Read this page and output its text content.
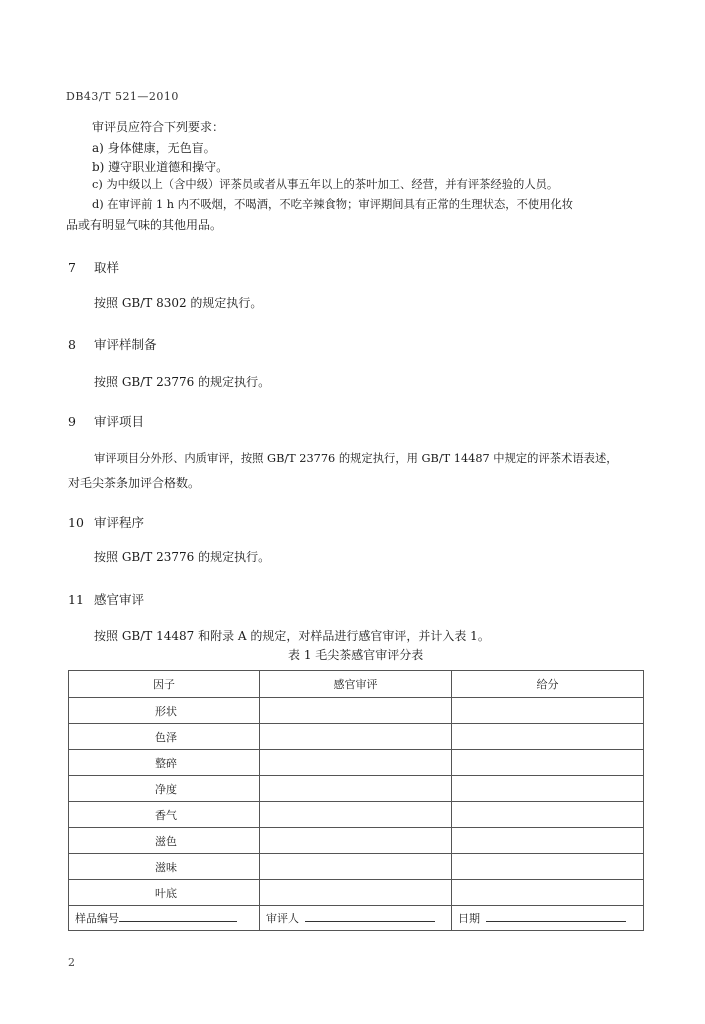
DB43/T 521—2010
审评员应符合下列要求：
a) 身体健康，无色盲。
b) 遵守职业道德和操守。
c) 为中级以上（含中级）评茶员或者从事五年以上的茶叶加工、经营，并有评茶经验的人员。
d) 在审评前 1 h 内不吸烟，不喝酒，不吃辛辣食物；审评期间具有正常的生理状态，不使用化妆
品或有明显气味的其他用品。
7 取样
按照 GB/T 8302 的规定执行。
8 审评样制备
按照 GB/T 23776 的规定执行。
9 审评项目
审评项目分外形、内质审评，按照 GB/T 23776 的规定执行，用 GB/T 14487 中规定的评茶术语表述，
对毛尖茶条加评合格数。
10 审评程序
按照 GB/T 23776 的规定执行。
11 感官审评
按照 GB/T 14487 和附录 A 的规定，对样品进行感官审评，并计入表 1。
表 1 毛尖茶感官审评分表
因子	感官审评	给分
形状		
色泽		
整碎		
净度		
香气		
滋色		
滋味		
叶底		
样品编号	审评人	日期
2
